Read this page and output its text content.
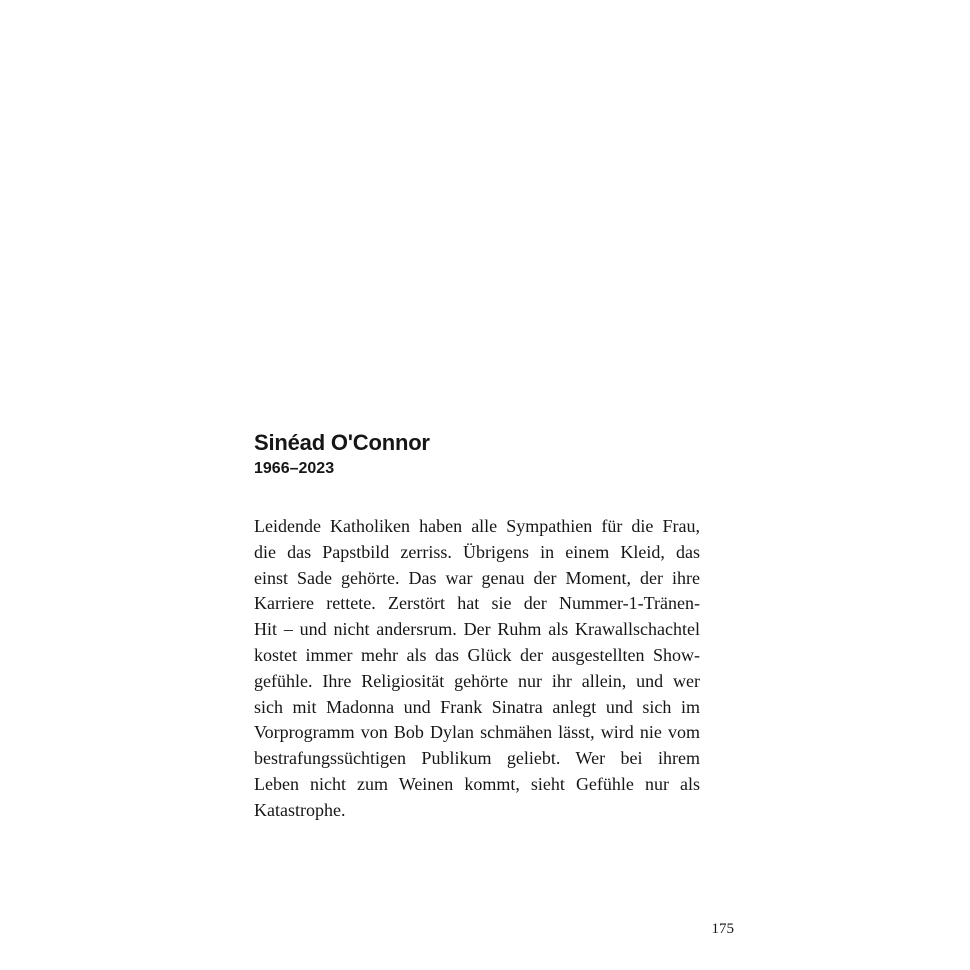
Sinéad O'Connor
1966–2023
Leidende Katholiken haben alle Sympathien für die Frau,
die das Papstbild zerriss. Übrigens in einem Kleid, das
einst Sade gehörte. Das war genau der Moment, der ihre
Karriere rettete. Zerstört hat sie der Nummer-1-Tränen-
Hit – und nicht andersrum. Der Ruhm als Krawallschachtel
kostet immer mehr als das Glück der ausgestellten Show-
gefühle. Ihre Religiosität gehörte nur ihr allein, und wer
sich mit Madonna und Frank Sinatra anlegt und sich im
Vorprogramm von Bob Dylan schmähen lässt, wird nie vom
bestrafungssüchtigen Publikum geliebt. Wer bei ihrem
Leben nicht zum Weinen kommt, sieht Gefühle nur als
Katastrophe.
175
